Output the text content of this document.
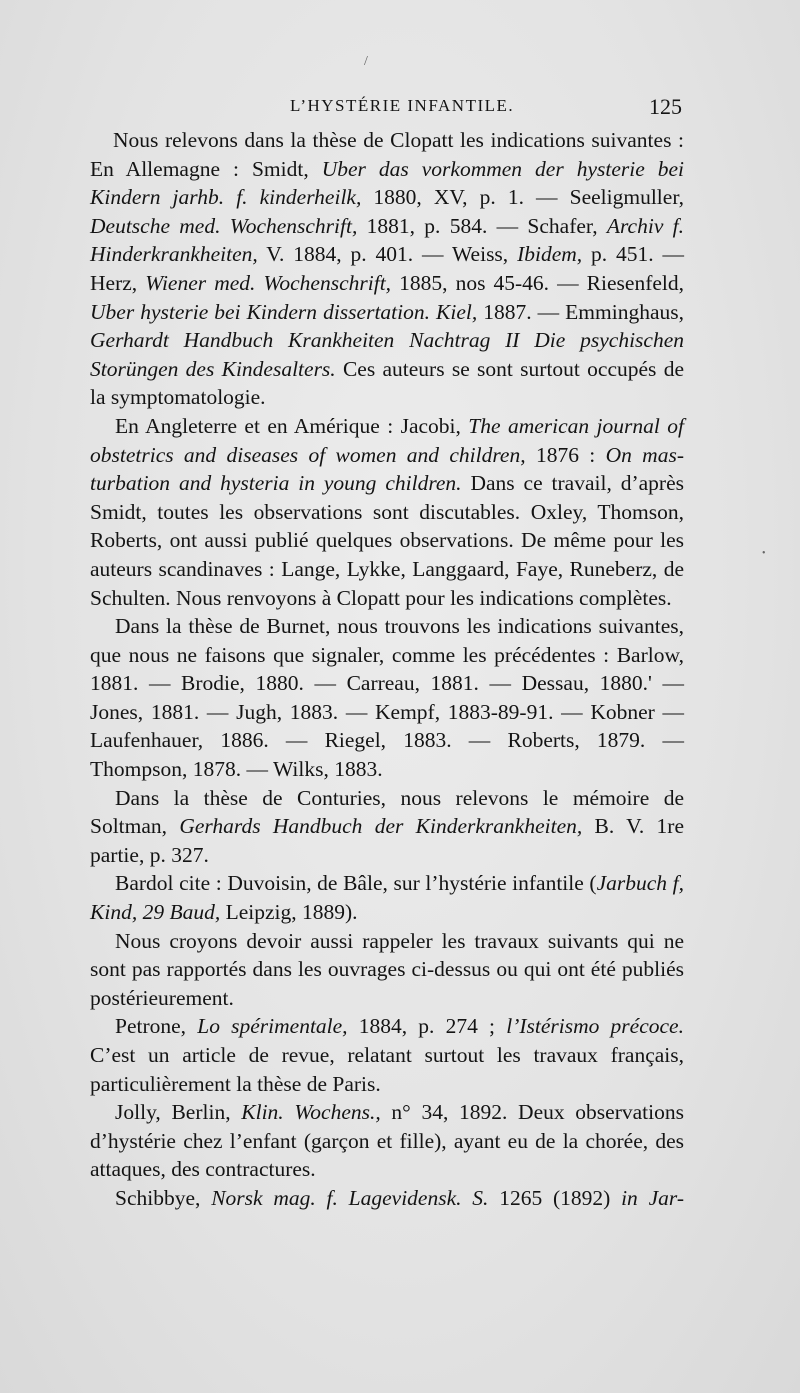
/
•
L’HYSTÉRIE INFANTILE.	125

Nous relevons dans la thèse de Clopatt les indications suivantes : En Allemagne : Smidt, Uber das vorkommen der hysterie bei Kindern jarhb. f. kinderheilk, 1880, XV, p. 1. — Seeligmuller, Deutsche med. Wochenschrift, 1881, p. 584. — Schafer, Archiv f. Hinderkrankheiten, V. 1884, p. 401. — Weiss, Ibidem, p. 451. — Herz, Wiener med. Wochenschrift, 1885, nos 45-46. — Riesenfeld, Uber hysterie bei Kindern dissertation. Kiel, 1887. — Emminghaus, Gerhardt Handbuch Krankheiten Nachtrag II Die psychischen Storüngen des Kindesalters. Ces auteurs se sont surtout occupés de la symptomatologie.

En Angleterre et en Amérique : Jacobi, The american journal of obstetrics and diseases of women and children, 1876 : On masturbation and hysteria in young children. Dans ce travail, d’après Smidt, toutes les observations sont discutables. Oxley, Thomson, Roberts, ont aussi publié quelques observations. De même pour les auteurs scandinaves : Lange, Lykke, Langgaard, Faye, Runeberz, de Schulten. Nous renvoyons à Clopatt pour les indications complètes.

Dans la thèse de Burnet, nous trouvons les indications suivantes, que nous ne faisons que signaler, comme les précédentes : Barlow, 1881. — Brodie, 1880. — Carreau, 1881. — Dessau, 1880.' — Jones, 1881. — Jugh, 1883. — Kempf, 1883-89-91. — Kobner — Laufenhauer, 1886. — Riegel, 1883. — Roberts, 1879. — Thompson, 1878. — Wilks, 1883.

Dans la thèse de Conturies, nous relevons le mémoire de Soltman, Gerhards Handbuch der Kinderkrankheiten, B. V. 1re partie, p. 327.

Bardol cite : Duvoisin, de Bâle, sur l’hystérie infantile (Jarbuch f, Kind, 29 Baud, Leipzig, 1889).

Nous croyons devoir aussi rappeler les travaux suivants qui ne sont pas rapportés dans les ouvrages ci-dessus ou qui ont été publiés postérieurement.

Petrone, Lo spérimentale, 1884, p. 274 ; l’Istérismo précoce. C’est un article de revue, relatant surtout les travaux français, particulièrement la thèse de Paris.

Jolly, Berlin, Klin. Wochens., n° 34, 1892. Deux observations d’hystérie chez l’enfant (garçon et fille), ayant eu de la chorée, des attaques, des contractures.

Schibbye, Norsk mag. f. Lagevidensk. S. 1265 (1892) in Jar-
